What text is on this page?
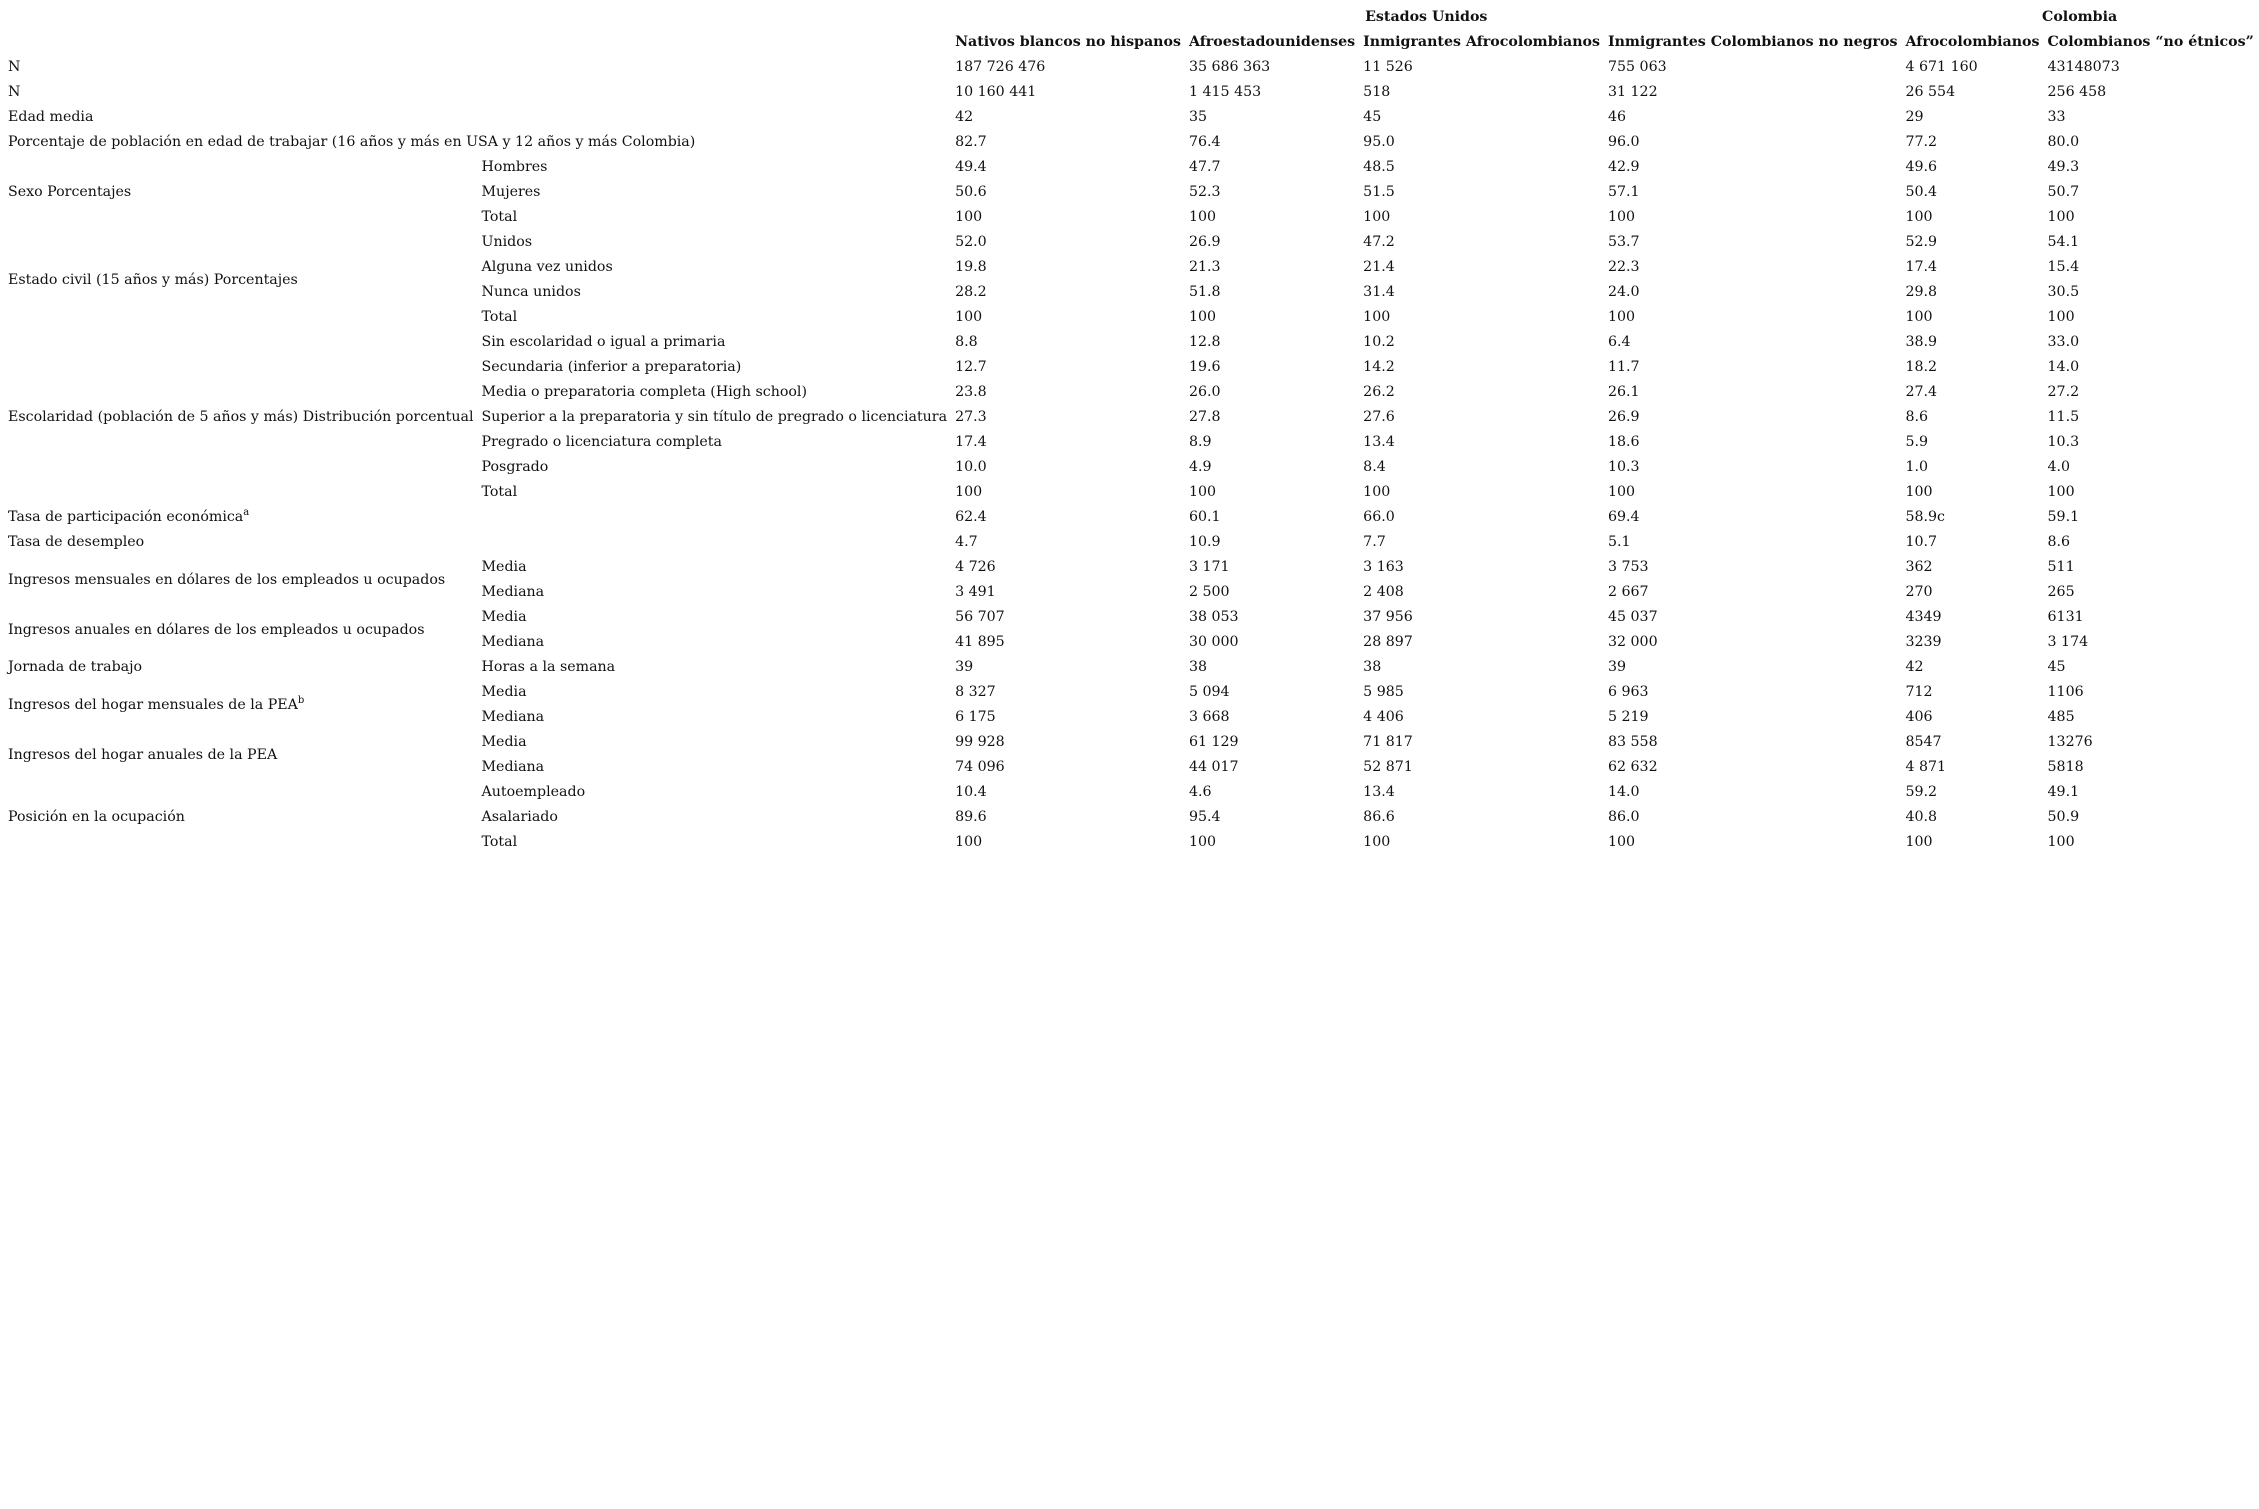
		Estados Unidos				Colombia	
		Nativos blancos no hispanos	Afroestadounidenses	Inmigrantes Afrocolombianos	Inmigrantes Colombianos no negros	Afrocolombianos	Colombianos “no étnicos”
N		187 726 476	35 686 363	11 526	755 063	4 671 160	43148073
N		10 160 441	1 415 453	518	31 122	26 554	256 458
Edad media		42	35	45	46	29	33
Porcentaje de población en edad de trabajar (16 años y más en USA y 12 años y más Colombia)		82.7	76.4	95.0	96.0	77.2	80.0
Sexo Porcentajes	Hombres	49.4	47.7	48.5	42.9	49.6	49.3
	Mujeres	50.6	52.3	51.5	57.1	50.4	50.7
	Total	100	100	100	100	100	100
Estado civil (15 años y más) Porcentajes	Unidos	52.0	26.9	47.2	53.7	52.9	54.1
	Alguna vez unidos	19.8	21.3	21.4	22.3	17.4	15.4
	Nunca unidos	28.2	51.8	31.4	24.0	29.8	30.5
	Total	100	100	100	100	100	100
Escolaridad (población de 5 años y más) Distribución porcentual	Sin escolaridad o igual a primaria	8.8	12.8	10.2	6.4	38.9	33.0
	Secundaria (inferior a preparatoria)	12.7	19.6	14.2	11.7	18.2	14.0
	Media o preparatoria completa (High school)	23.8	26.0	26.2	26.1	27.4	27.2
	Superior a la preparatoria y sin título de pregrado o licenciatura	27.3	27.8	27.6	26.9	8.6	11.5
	Pregrado o licenciatura completa	17.4	8.9	13.4	18.6	5.9	10.3
	Posgrado	10.0	4.9	8.4	10.3	1.0	4.0
	Total	100	100	100	100	100	100
Tasa de participación económica$^a$		62.4	60.1	66.0	69.4	58.9c	59.1
Tasa de desempleo		4.7	10.9	7.7	5.1	10.7	8.6
Ingresos mensuales en dólares de los empleados u ocupados	Media	4 726	3 171	3 163	3 753	362	511
	Mediana	3 491	2 500	2 408	2 667	270	265
Ingresos anuales en dólares de los empleados u ocupados	Media	56 707	38 053	37 956	45 037	4349	6131
	Mediana	41 895	30 000	28 897	32 000	3239	3 174
Jornada de trabajo	Horas a la semana	39	38	38	39	42	45
Ingresos del hogar mensuales de la PEA$^b$	Media	8 327	5 094	5 985	6 963	712	1106
	Mediana	6 175	3 668	4 406	5 219	406	485
Ingresos del hogar anuales de la PEA	Media	99 928	61 129	71 817	83 558	8547	13276
	Mediana	74 096	44 017	52 871	62 632	4 871	5818
Posición en la ocupación	Autoempleado	10.4	4.6	13.4	14.0	59.2	49.1
	Asalariado	89.6	95.4	86.6	86.0	40.8	50.9
	Total	100	100	100	100	100	100
